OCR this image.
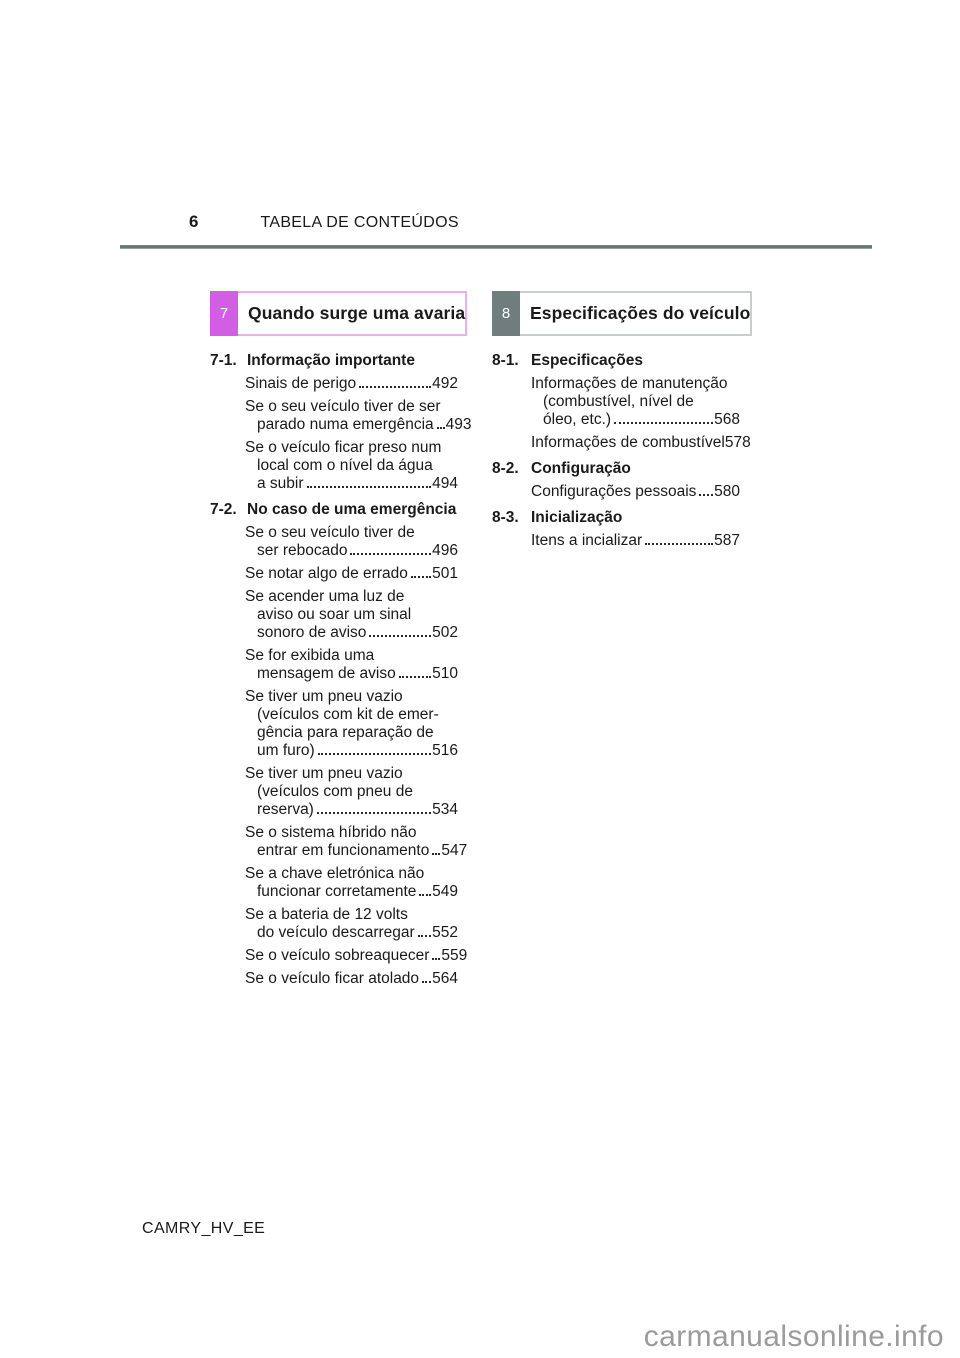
6	TABELA DE CONTEÚDOS
7	Quando surge uma avaria
7-1. Informação importante
Sinais de perigo	492
Se o seu veículo tiver de ser
parado numa emergência 493
Se o veículo ficar preso num
local com o nível da água
a subir	494
7-2. No caso de uma emergência
Se o seu veículo tiver de
ser rebocado	496
Se notar algo de errado 501
Se acender uma luz de
aviso ou soar um sinal
sonoro de aviso	502
Se for exibida uma
mensagem de aviso 510
Se tiver um pneu vazio
(veículos com kit de emer-
gência para reparação de
um furo)	516
Se tiver um pneu vazio
(veículos com pneu de
reserva)	534
Se o sistema híbrido não
entrar em funcionamento 547
Se a chave eletrónica não
funcionar corretamente 549
Se a bateria de 12 volts
do veículo descarregar 552
Se o veículo sobreaquecer 559
Se o veículo ficar atolado 564
8	Especificações do veículo
8-1. Especificações
Informações de manutenção
(combustível, nível de
óleo, etc.)	568
Informações de combustível 578
8-2. Configuração
Configurações pessoais 580
8-3. Inicialização
Itens a incializar	587
CAMRY_HV_EE
carmanualsonline.info
